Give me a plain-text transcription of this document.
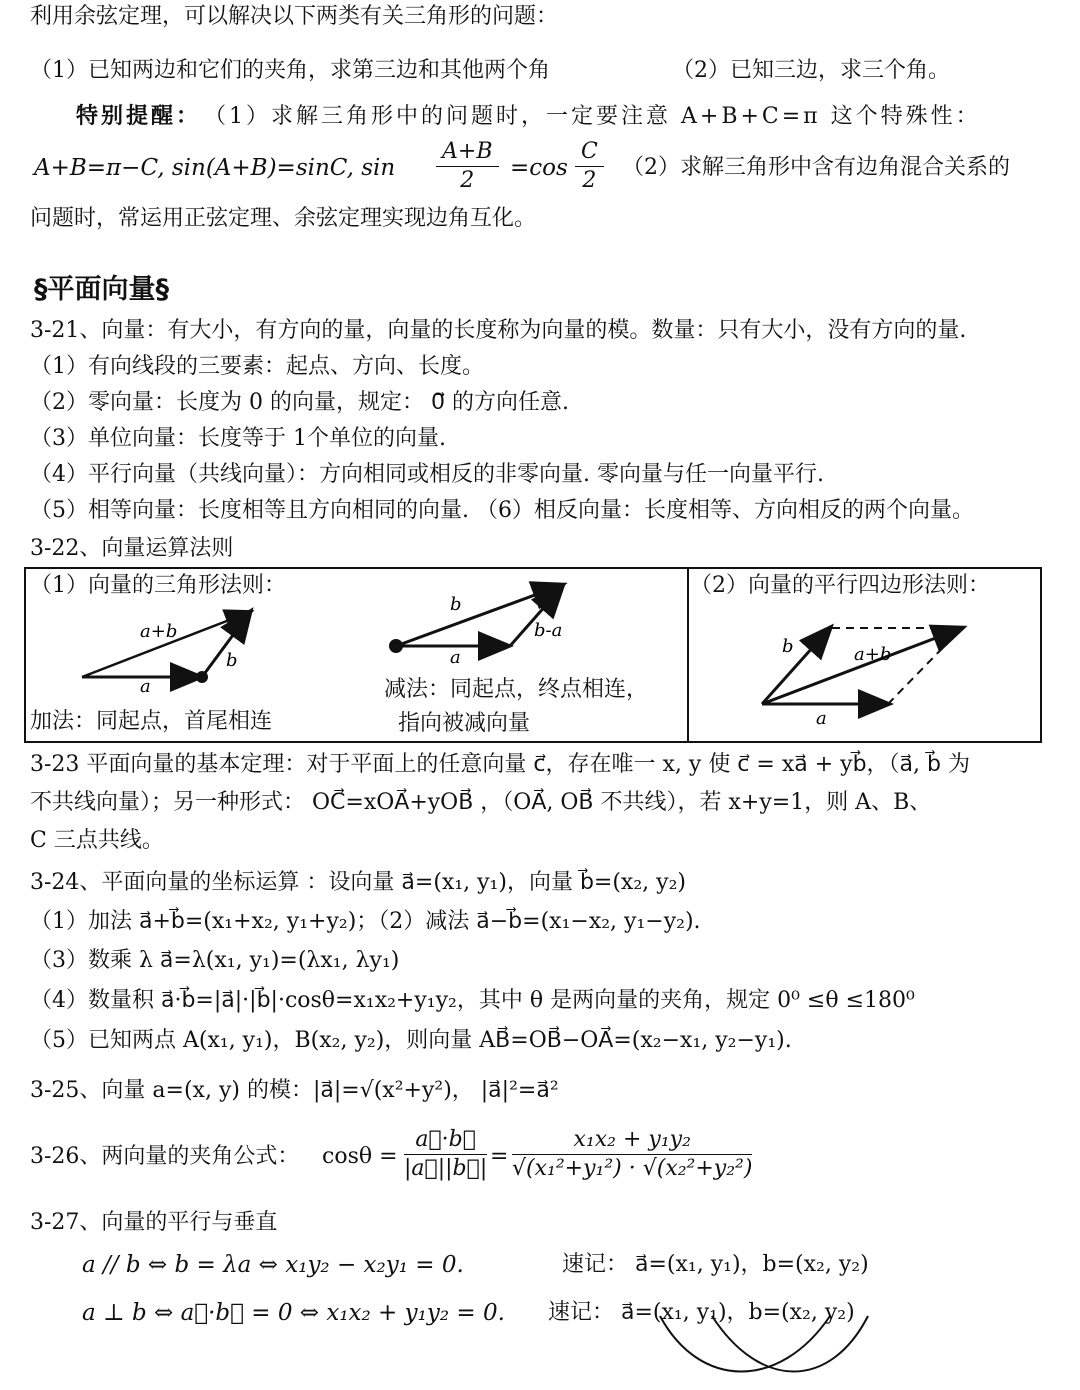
利用余弦定理，可以解决以下两类有关三角形的问题：
（1）已知两边和它们的夹角，求第三边和其他两个角	（2）已知三边，求三个角。
特别提醒： （1）求解三角形中的问题时，一定要注意 A+B+C=π 这个特殊性：
A+B=π−C, sin(A+B)=sinC, $\sin \frac{A+B}{2} =\cos \frac{C}{2} (2)$求解三角形中含有边角混合关系的
问题时，常运用正弦定理、余弦定理实现边角互化。
§平面向量§
3-21、向量：有大小，有方向的量，向量的长度称为向量的模。数量：只有大小，没有方向的量.
（1）有向线段的三要素：起点、方向、长度。
（2）零向量：长度为 0 的向量，规定： 0⃗ 的方向任意.
（3）单位向量：长度等于 1个单位的向量.
（4）平行向量（共线向量）：方向相同或相反的非零向量. 零向量与任一向量平行.
（5）相等向量：长度相等且方向相同的向量. （6）相反向量：长度相等、方向相反的两个向量。
3-22、向量运算法则
（1）向量的三角形法则：	（2）向量的平行四边形法则：
加法：同起点，首尾相连
减法：同起点，终点相连，
指向被减向量
a
b
a+b
a
b
b-a
a
b	a+b
3-23 平面向量的基本定理：对于平面上的任意向量 c⃗，存在唯一 x, y 使 c⃗ = xa⃗ + yb⃗，（a⃗, b⃗ 为
不共线向量）；另一种形式： OC⃗=xOA⃗+yOB⃗ ，（OA⃗, OB⃗ 不共线），若 x+y=1，则 A、B、
C 三点共线。
3-24、平面向量的坐标运算 ：设向量 a⃗=(x₁, y₁)，向量 b⃗=(x₂, y₂)
（1）加法 a⃗+b⃗=(x₁+x₂, y₁+y₂)；（2）减法 a⃗−b⃗=(x₁−x₂, y₁−y₂).
（3）数乘 λ a⃗=λ(x₁, y₁)=(λx₁, λy₁)
（4）数量积 a⃗·b⃗=|a⃗|·|b⃗|·cosθ=x₁x₂+y₁y₂，其中 θ 是两向量的夹角，规定 0⁰ ≤θ ≤180⁰
（5）已知两点 A(x₁, y₁)，B(x₂, y₂)，则向量 AB⃗=OB⃗−OA⃗=(x₂−x₁, y₂−y₁).
3-25、向量 a=(x, y) 的模：|a⃗|=√(x²+y²)， |a⃗|²=a⃗²
3-26、两向量的夹角公式： $\cos\theta = \frac{a⃗\cdot b⃗}{|a⃗||b⃗|} = \frac{\text{x₁x₂ + y₁y₂}}{\text{√(x₁²+y₁²) · √(x₂²+y₂²)}}$
3-27、向量的平行与垂直
a // b ⇔ b = λa ⇔ x₁y₂ − x₂y₁ = 0.	速记： a⃗=(x₁, y₁)，b=(x₂, y₂)
a ⊥ b ⇔ a⃗·b⃗ = 0 ⇔ x₁x₂ + y₁y₂ = 0. 速记： a⃗=(x₁, y₁)，b=(x₂, y₂)
